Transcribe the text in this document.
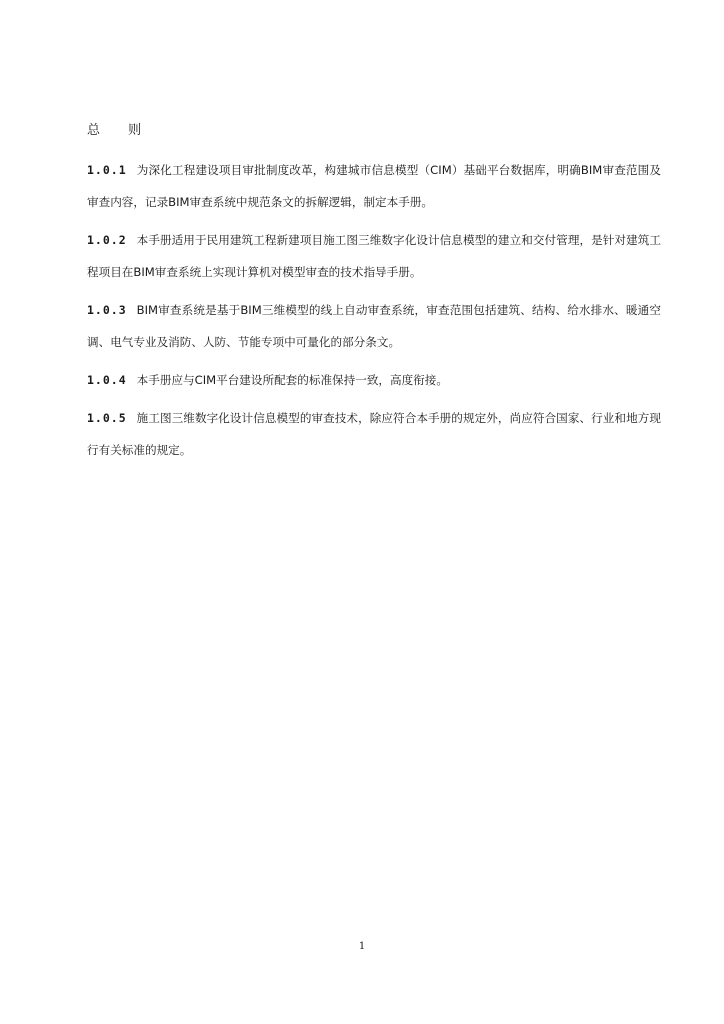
总 则

1.0.1 为深化工程建设项目审批制度改革，构建城市信息模型（CIM）基础平台数据库，明确BIM审查范围及审查内容，记录BIM审查系统中规范条文的拆解逻辑，制定本手册。

1.0.2 本手册适用于民用建筑工程新建项目施工图三维数字化设计信息模型的建立和交付管理，是针对建筑工程项目在BIM审查系统上实现计算机对模型审查的技术指导手册。

1.0.3 BIM审查系统是基于BIM三维模型的线上自动审查系统，审查范围包括建筑、结构、给水排水、暖通空调、电气专业及消防、人防、节能专项中可量化的部分条文。

1.0.4 本手册应与CIM平台建设所配套的标准保持一致，高度衔接。

1.0.5 施工图三维数字化设计信息模型的审查技术，除应符合本手册的规定外，尚应符合国家、行业和地方现行有关标准的规定。

1
